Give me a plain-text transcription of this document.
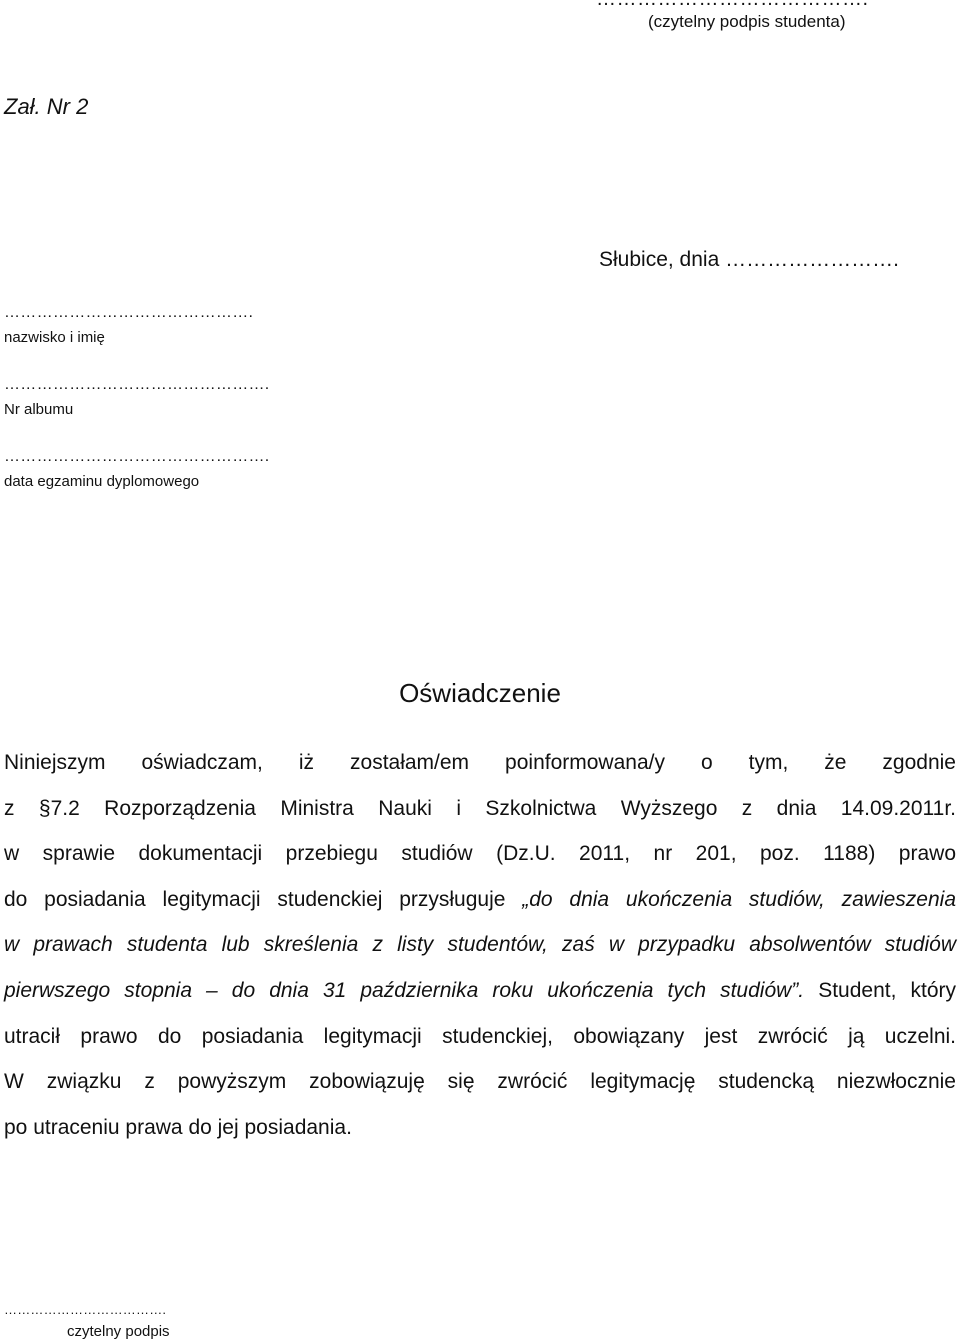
(czytelny podpis studenta)
Zał. Nr 2
Słubice, dnia …………………….
……………………………………….
nazwisko i imię
………………………………………….
Nr albumu
………………………………………….
data egzaminu dyplomowego
Oświadczenie
Niniejszym oświadczam, iż zostałam/em poinformowana/y o tym, że zgodnie
z §7.2 Rozporządzenia Ministra Nauki i Szkolnictwa Wyższego z dnia 14.09.2011r.
w sprawie dokumentacji przebiegu studiów (Dz.U. 2011, nr 201, poz. 1188) prawo
do posiadania legitymacji studenckiej przysługuje „do dnia ukończenia studiów, zawieszenia
w prawach studenta lub skreślenia z listy studentów, zaś w przypadku absolwentów studiów
pierwszego stopnia – do dnia 31 października roku ukończenia tych studiów”. Student, który
utracił prawo do posiadania legitymacji studenckiej, obowiązany jest zwrócić ją uczelni.
W związku z powyższym zobowiązuję się zwrócić legitymację studencką niezwłocznie
po utraceniu prawa do jej posiadania.
……………………………….
czytelny podpis
